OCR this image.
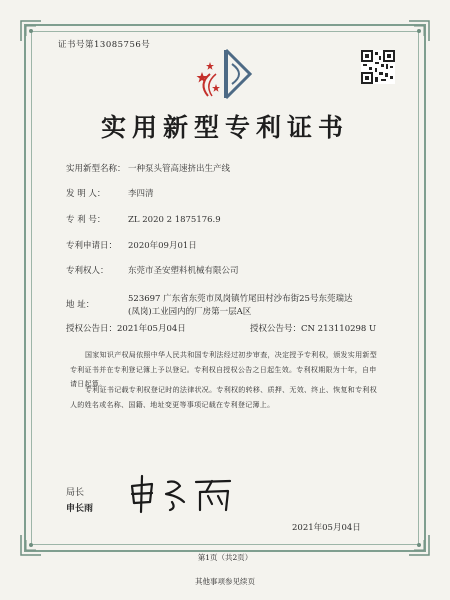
证书号第13085756号
实用新型专利证书
实用新型名称： 一种泵头管高速挤出生产线
发 明 人：	李四清
专 利 号：	ZL 2020 2 1875176.9
专利申请日： 2020年09月01日
专利权人： 东莞市圣安塑料机械有限公司
地 址：
523697 广东省东莞市凤岗镇竹尾田村沙布街25号东莞瑞达(凤岗)工业园内的厂房第一层A区
授权公告日：2021年05月04日	授权公告号：CN 213110298 U
国家知识产权局依照中华人民共和国专利法经过初步审查，决定授予专利权，颁发实用新型专利证书并在专利登记簿上予以登记。专利权自授权公告之日起生效。专利权期限为十年，自申请日起算。
专利证书记载专利权登记时的法律状况。专利权的转移、质押、无效、终止、恢复和专利权人的姓名或名称、国籍、地址变更等事项记载在专利登记簿上。
局长
申长雨
2021年05月04日
第1页（共2页）
其他事项参见续页
